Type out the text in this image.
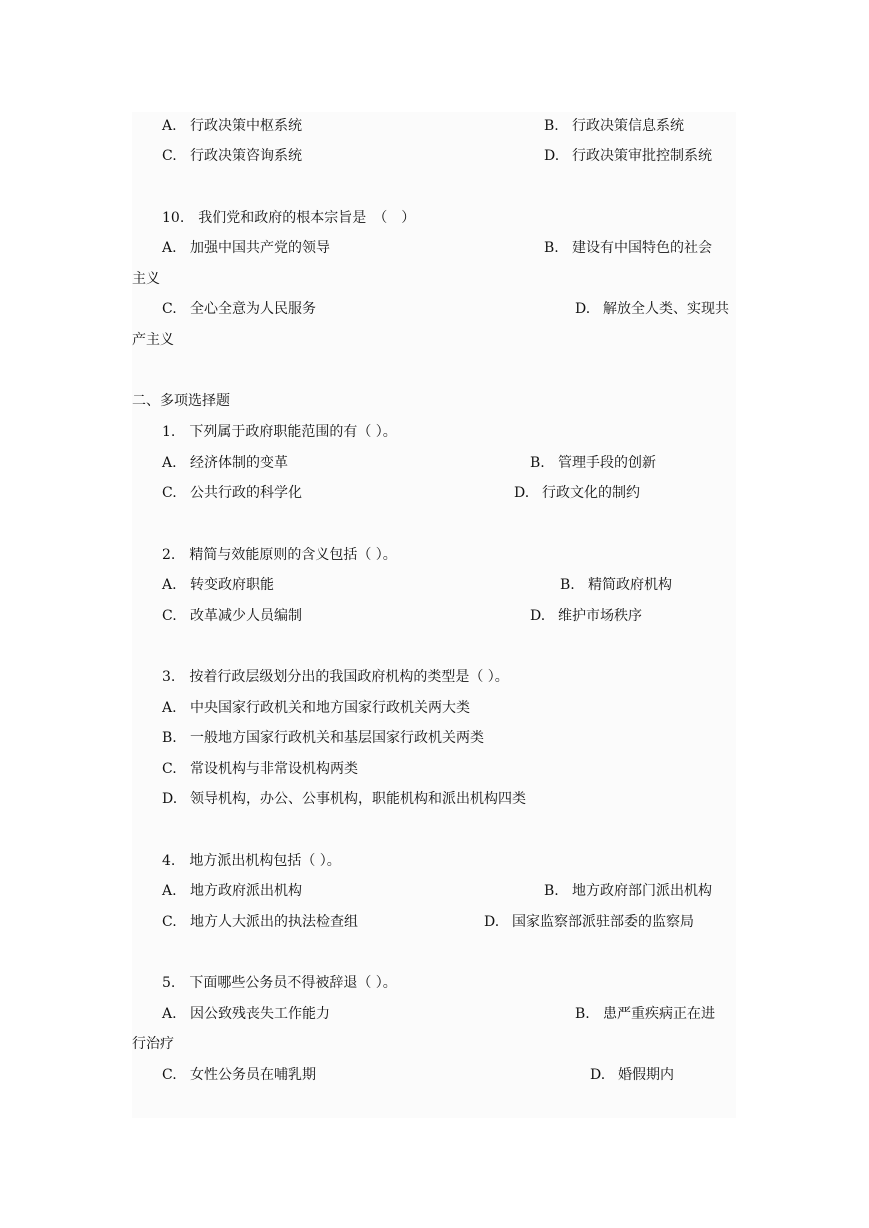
A. 行政决策中枢系统	B. 行政决策信息系统
C. 行政决策咨询系统	D. 行政决策审批控制系统
10.　我们党和政府的根本宗旨是　（　）
A. 加强中国共产党的领导	B. 建设有中国特色的社会
主义
C. 全心全意为人民服务	D. 解放全人类、实现共
产主义
二、多项选择题
1.　下列属于政府职能范围的有（ ）。
A. 经济体制的变革	B. 管理手段的创新
C. 公共行政的科学化	D. 行政文化的制约
2.　精简与效能原则的含义包括（ ）。
A. 转变政府职能	B. 精简政府机构
C. 改革减少人员编制	D. 维护市场秩序
3.　按着行政层级划分出的我国政府机构的类型是（ ）。
A. 中央国家行政机关和地方国家行政机关两大类
B. 一般地方国家行政机关和基层国家行政机关两类
C. 常设机构与非常设机构两类
D. 领导机构，办公、公事机构，职能机构和派出机构四类
4.　地方派出机构包括（ ）。
A. 地方政府派出机构	B. 地方政府部门派出机构
C. 地方人大派出的执法检查组	D. 国家监察部派驻部委的监察局
5.　下面哪些公务员不得被辞退（ ）。
A. 因公致残丧失工作能力	B. 患严重疾病正在进
行治疗
C. 女性公务员在哺乳期	D. 婚假期内
